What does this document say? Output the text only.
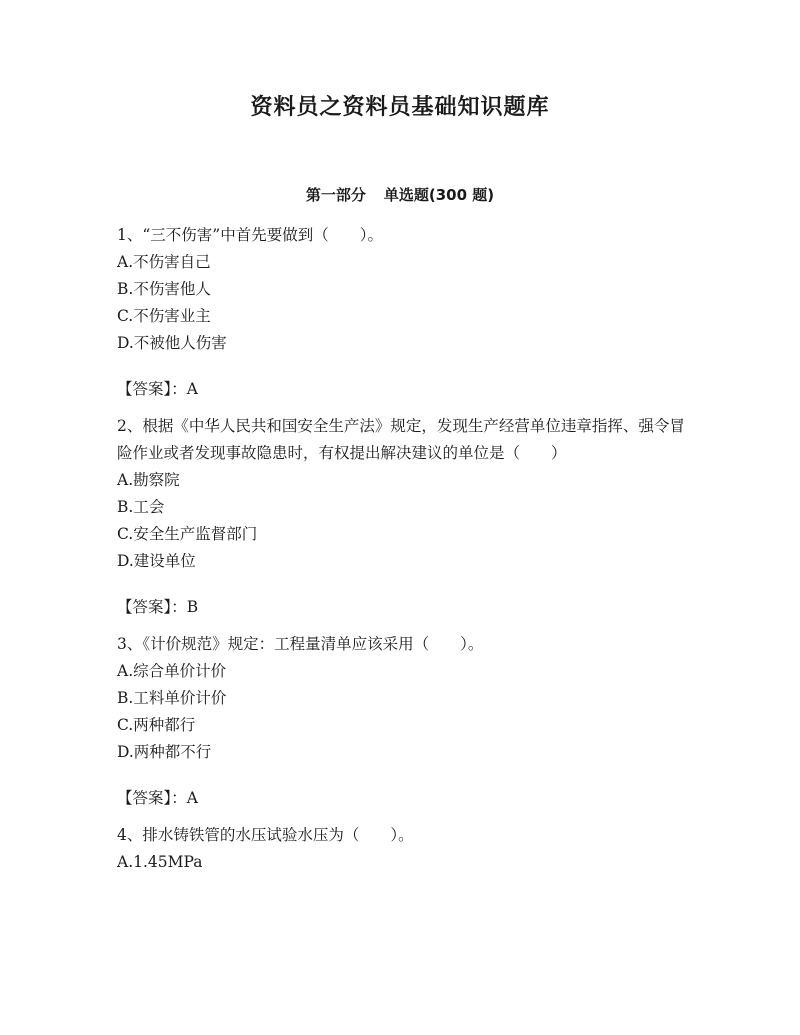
资料员之资料员基础知识题库
第一部分 单选题(300 题)

1、“三不伤害”中首先要做到（　　）。

A.不伤害自己

B.不伤害他人

C.不伤害业主

D.不被他人伤害

【答案】：A

2、根据《中华人民共和国安全生产法》规定，发现生产经营单位违章指挥、强令冒险作业或者发现事故隐患时，有权提出解决建议的单位是（　　）

A.勘察院

B.工会

C.安全生产监督部门

D.建设单位

【答案】：B

3、《计价规范》规定：工程量清单应该采用（　　）。

A.综合单价计价

B.工料单价计价

C.两种都行

D.两种都不行

【答案】：A

4、排水铸铁管的水压试验水压为（　　）。

A.1.45MPa
